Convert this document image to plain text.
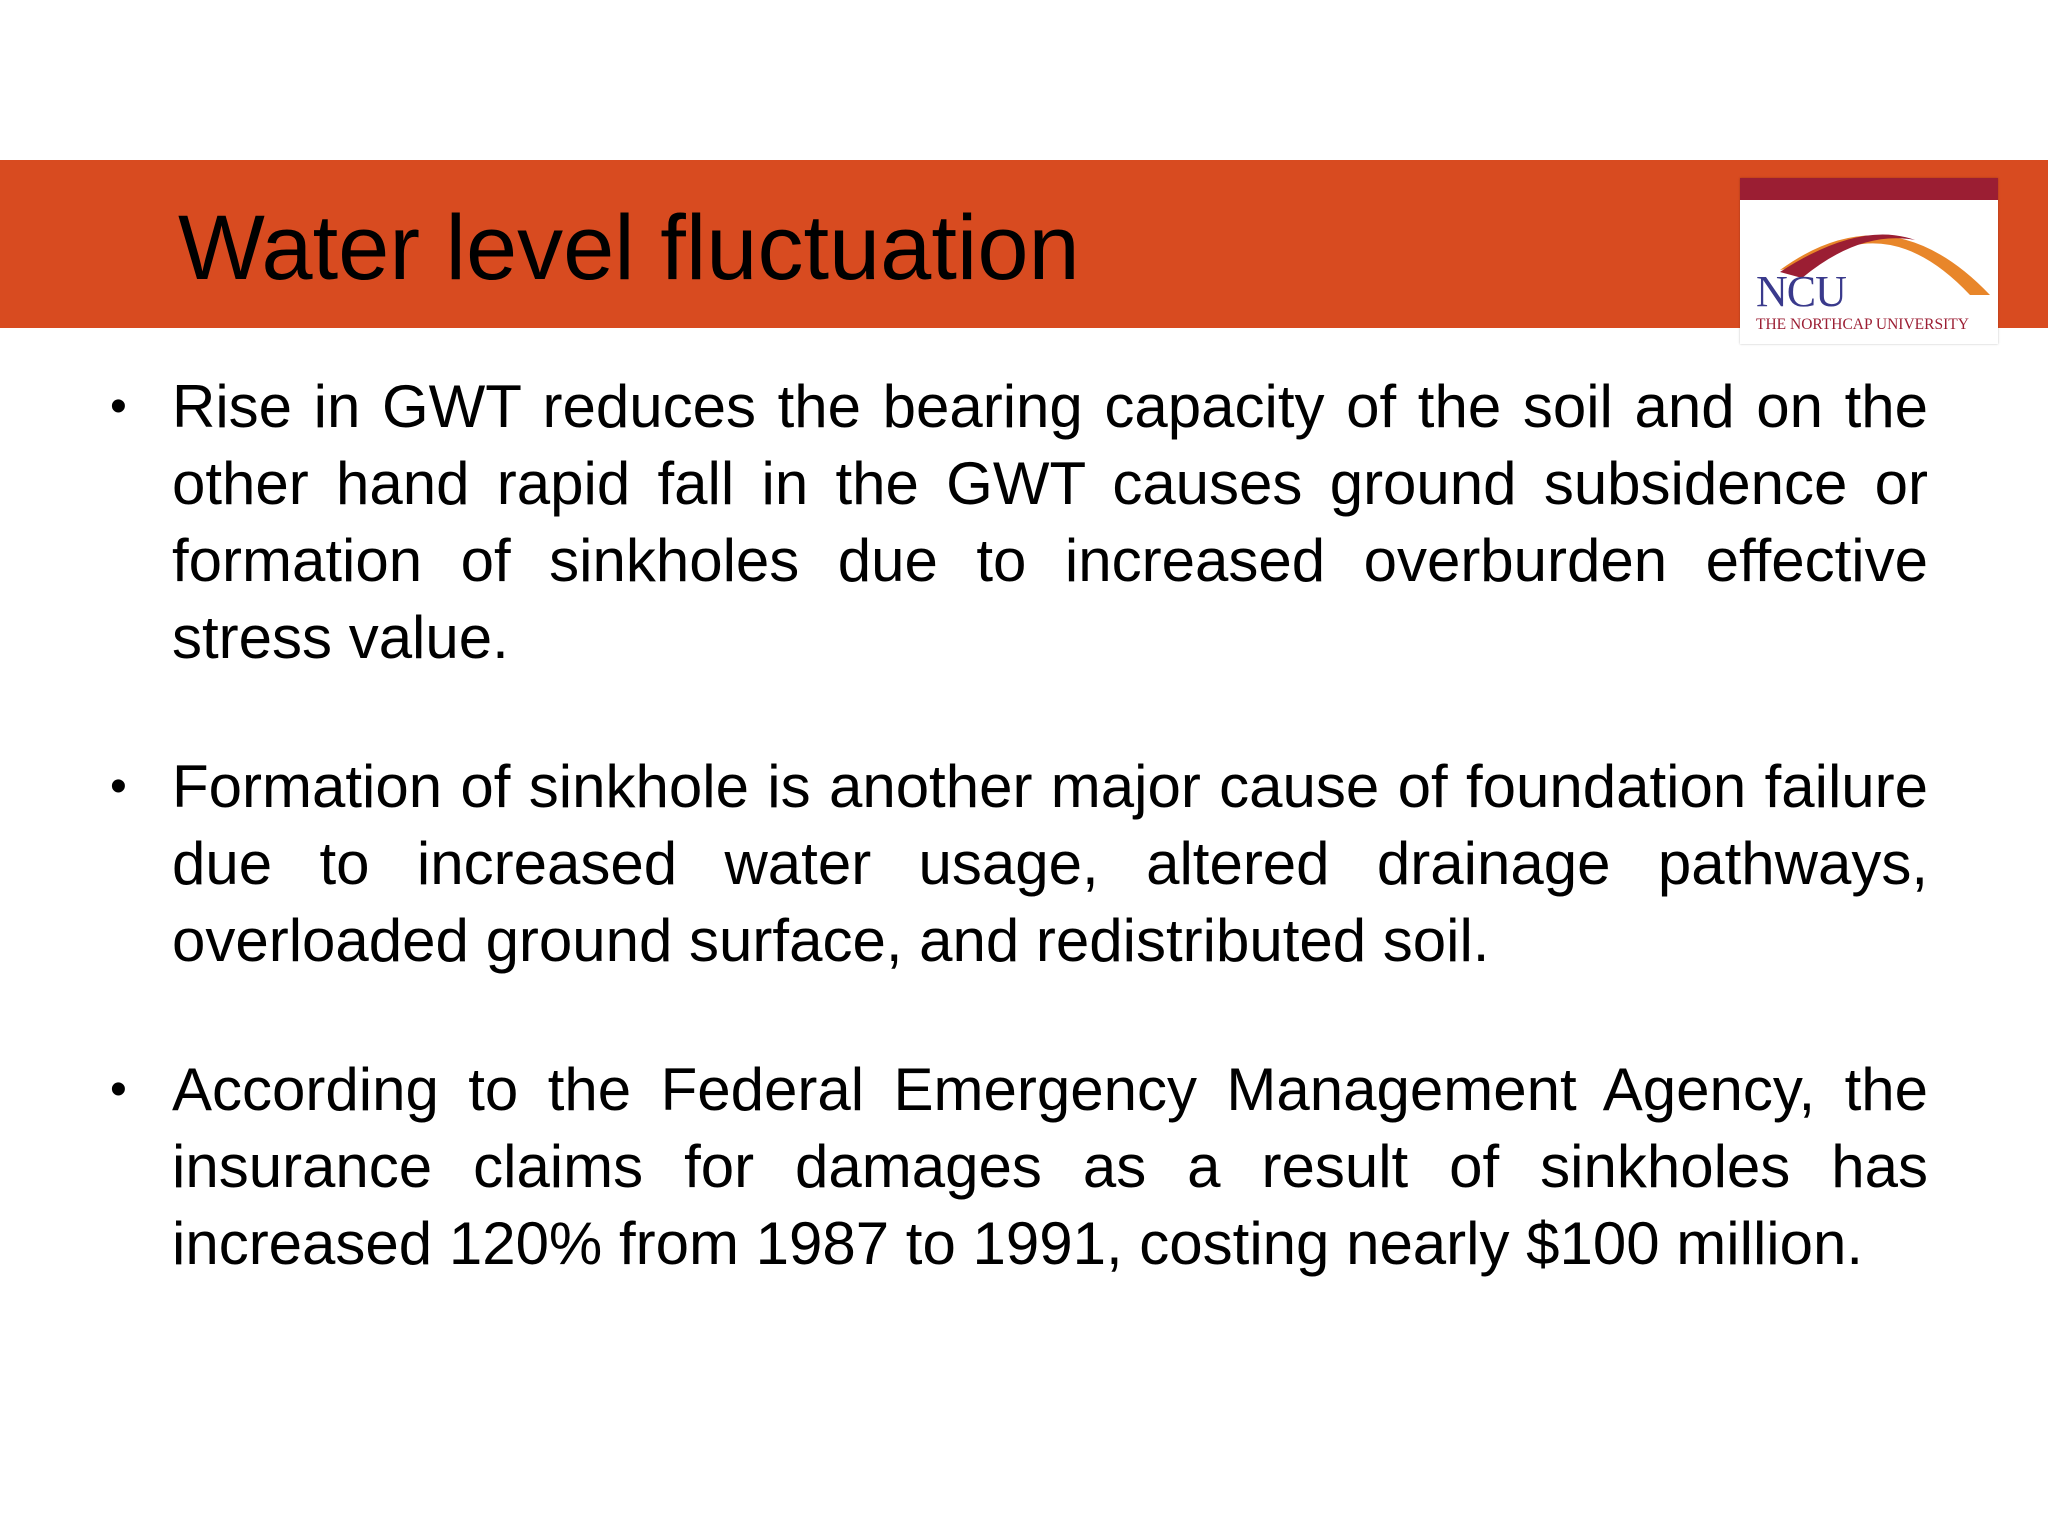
Water level fluctuation	NCU
THE NORTHCAP UNIVERSITY
• Rise in GWT reduces the bearing capacity of the soil and on the other hand rapid fall in the GWT causes ground subsidence or formation of sinkholes due to increased overburden effective stress value.
• Formation of sinkhole is another major cause of foundation failure due to increased water usage, altered drainage pathways, overloaded ground surface, and redistributed soil.
• According to the Federal Emergency Management Agency, the insurance claims for damages as a result of sinkholes has increased 120% from 1987 to 1991, costing nearly $100 million.
